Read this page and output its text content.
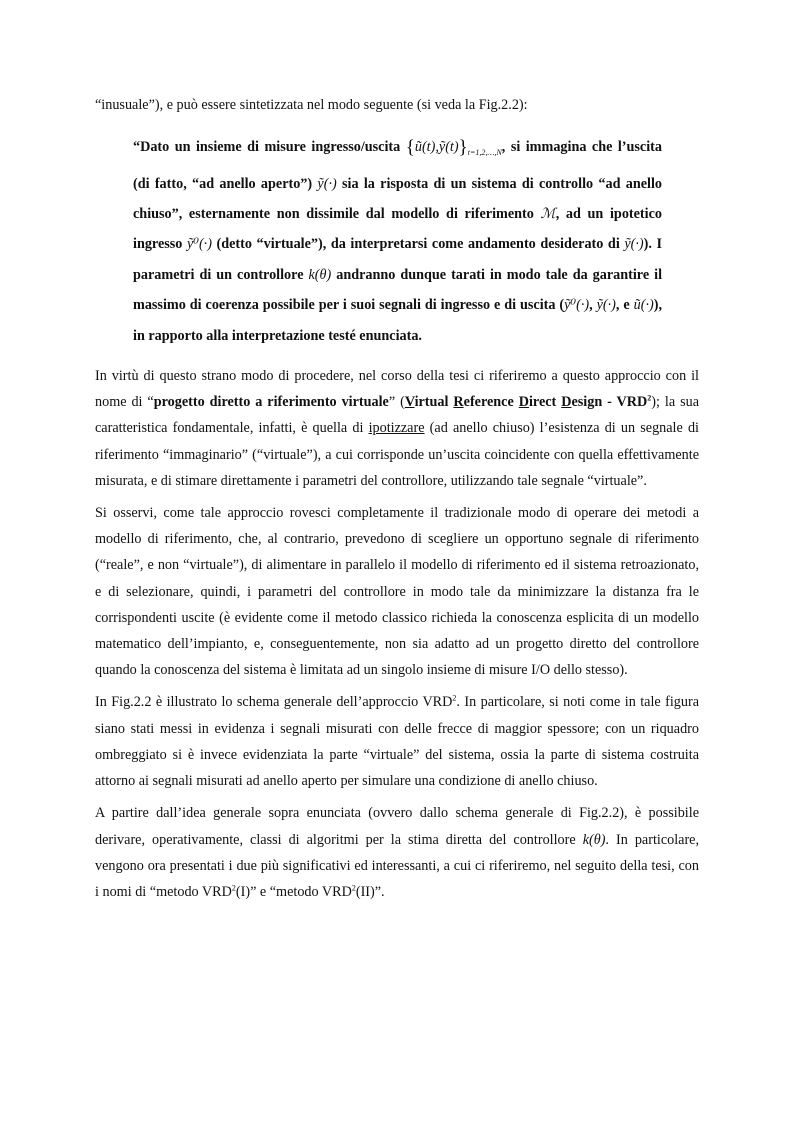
“inusuale”), e può essere sintetizzata nel modo seguente (si veda la Fig.2.2):

“Dato un insieme di misure ingresso/uscita $\{ũ(t),ỹ(t)\}_{t=1,2,\dots,N}$, si immagina che l’uscita (di fatto, “ad anello aperto”) ỹ(·) sia la risposta di un sistema di controllo “ad anello chiuso”, esternamente non dissimile dal modello di riferimento ℳ, ad un ipotetico ingresso ỹ⁰(·) (detto “virtuale”), da interpretarsi come andamento desiderato di ỹ(·)). I parametri di un controllore k(θ) andranno dunque tarati in modo tale da garantire il massimo di coerenza possibile per i suoi segnali di ingresso e di uscita (ỹ⁰(·), ỹ(·), e ũ(·)), in rapporto alla interpretazione testé enunciata.

In virtù di questo strano modo di procedere, nel corso della tesi ci riferiremo a questo approccio con il nome di “progetto diretto a riferimento virtuale” (Virtual Reference Direct Design - VRD$^2$); la sua caratteristica fondamentale, infatti, è quella di ipotizzare (ad anello chiuso) l’esistenza di un segnale di riferimento “immaginario” (“virtuale”), a cui corrisponde un’uscita coincidente con quella effettivamente misurata, e di stimare direttamente i parametri del controllore, utilizzando tale segnale “virtuale”.

Si osservi, come tale approccio rovesci completamente il tradizionale modo di operare dei metodi a modello di riferimento, che, al contrario, prevedono di scegliere un opportuno segnale di riferimento (“reale”, e non “virtuale”), di alimentare in parallelo il modello di riferimento ed il sistema retroazionato, e di selezionare, quindi, i parametri del controllore in modo tale da minimizzare la distanza fra le corrispondenti uscite (è evidente come il metodo classico richieda la conoscenza esplicita di un modello matematico dell’impianto, e, conseguentemente, non sia adatto ad un progetto diretto del controllore quando la conoscenza del sistema è limitata ad un singolo insieme di misure I/O dello stesso).

In Fig.2.2 è illustrato lo schema generale dell’approccio VRD$^2$. In particolare, si noti come in tale figura siano stati messi in evidenza i segnali misurati con delle frecce di maggior spessore; con un riquadro ombreggiato si è invece evidenziata la parte “virtuale” del sistema, ossia la parte di sistema costruita attorno ai segnali misurati ad anello aperto per simulare una condizione di anello chiuso.

A partire dall’idea generale sopra enunciata (ovvero dallo schema generale di Fig.2.2), è possibile derivare, operativamente, classi di algoritmi per la stima diretta del controllore k(θ). In particolare, vengono ora presentati i due più significativi ed interessanti, a cui ci riferiremo, nel seguito della tesi, con i nomi di “metodo VRD$^2$(I)” e “metodo VRD$^2$(II)”.
